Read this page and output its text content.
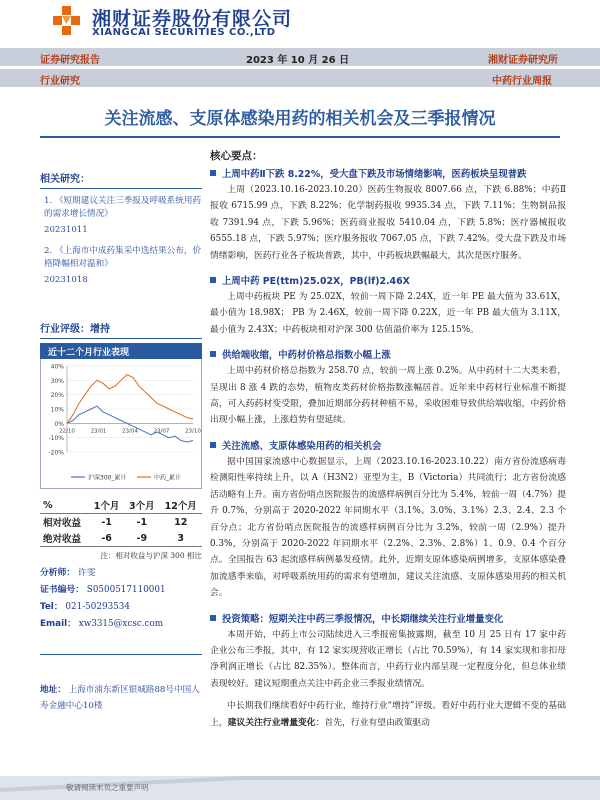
湘财证券股份有限公司
XIANGCAI SECURITIES CO.,LTD
证券研究报告	2023 年 10 月 26 日	湘财证券研究所
行业研究	中药行业周报
关注流感、支原体感染用药的相关机会及三季报情况
核心要点：
相关研究：
1. 《短期建议关注三季报及呼吸系统用药的需求增长情况》
20231011
2. 《上海市中成药集采中选结果公布，价格降幅相对温和》
20231018
行业评级：增持
近十二个月行业表现
40%
30%
20%
10%
0%
-10%
-20%
22/10	23/01	23/04	23/07	23/10
沪深300_累计	中药_累计
%	1个月	3个月	12个月
相对收益	-1	-1	12
绝对收益	-6	-9	3
注：相对收益与沪深 300 相比
分析师： 许雯
证书编号： S0500517110001
Tel： 021-50293534
Email： xw3315@xcsc.com
地址： 上海市浦东新区银城路88号中国人寿金融中心10楼
上周中药Ⅱ下跌 8.22%，受大盘下跌及市场情绪影响，医药板块呈现普跌
上周（2023.10.16-2023.10.20）医药生物报收 8007.66 点，下跌 6.88%；中药Ⅱ报收 6715.99 点，下跌 8.22%；化学制药报收 9935.34 点，下跌 7.11%；生物制品报收 7391.94 点，下跌 5.96%；医药商业报收 5410.04 点，下跌 5.8%；医疗器械报收 6555.18 点，下跌 5.97%；医疗服务报收 7067.05 点，下跌 7.42%。受大盘下跌及市场情绪影响，医药行业各子板块普跌，其中，中药板块跌幅最大，其次是医疗服务。
上周中药 PE(ttm)25.02X，PB(lf)2.46X
上周中药板块 PE 为 25.02X，较前一周下降 2.24X，近一年 PE 最大值为 33.61X，最小值为 18.98X； PB 为 2.46X，较前一周下降 0.22X，近一年 PB 最大值为 3.11X，最小值为 2.43X；中药板块相对沪深 300 估值溢价率为 125.15%。
供给端收缩，中药材价格总指数小幅上涨
上周中药材价格总指数为 258.70 点，较前一周上涨 0.2%。从中药材十二大类来看，呈现出 8 涨 4 跌的态势，植物皮类药材价格指数涨幅居首。近年来中药材行业标准不断提高，可入药药材变受限，叠加近期部分药材种植不易，采收困难导致供给端收缩，中药价格出现小幅上涨，上涨趋势有望延续。
关注流感、支原体感染用药的相关机会
据中国国家流感中心数据显示，上周（2023.10.16-2023.10.22）南方省份流感病毒检测阳性率持续上升，以 A（H3N2）亚型为主，B（Victoria）共同流行；北方省份流感活动略有上升。南方省份哨点医院报告的流感样病例百分比为 5.4%，较前一周（4.7%）提升 0.7%，分别高于 2020-2022 年同期水平（3.1%、3.0%、3.1%）2.3、2.4、2.3 个百分点；北方省份哨点医院报告的流感样病例百分比为 3.2%，较前一周（2.9%）提升 0.3%，分别高于 2020-2022 年同期水平（2.2%、2.3%、2.8%）1、0.9、0.4 个百分点。全国报告 63 起流感样病例暴发疫情。此外，近期支原体感染病例增多，支原体感染叠加流感季来临，对呼吸系统用药的需求有望增加，建议关注流感、支原体感染用药的相关机会。
投资策略：短期关注中药三季报情况，中长期继续关注行业增量变化
本周开始，中药上市公司陆续进入三季报密集披露期，截至 10 月 25 日有 17 家中药企业公布三季报，其中，有 12 家实现营收正增长（占比 70.59%），有 14 家实现和非扣母净利润正增长（占比 82.35%）。整体而言，中药行业内部呈现一定程度分化，但总体业绩表现较好。建议短期重点关注中药企业三季报业绩情况。
中长期我们继续看好中药行业，维持行业“增持”评级。看好中药行业大逻辑不变的基础上，建议关注行业增量变化：首先，行业有望由政策驱动
敬请阅读末页之重要声明
